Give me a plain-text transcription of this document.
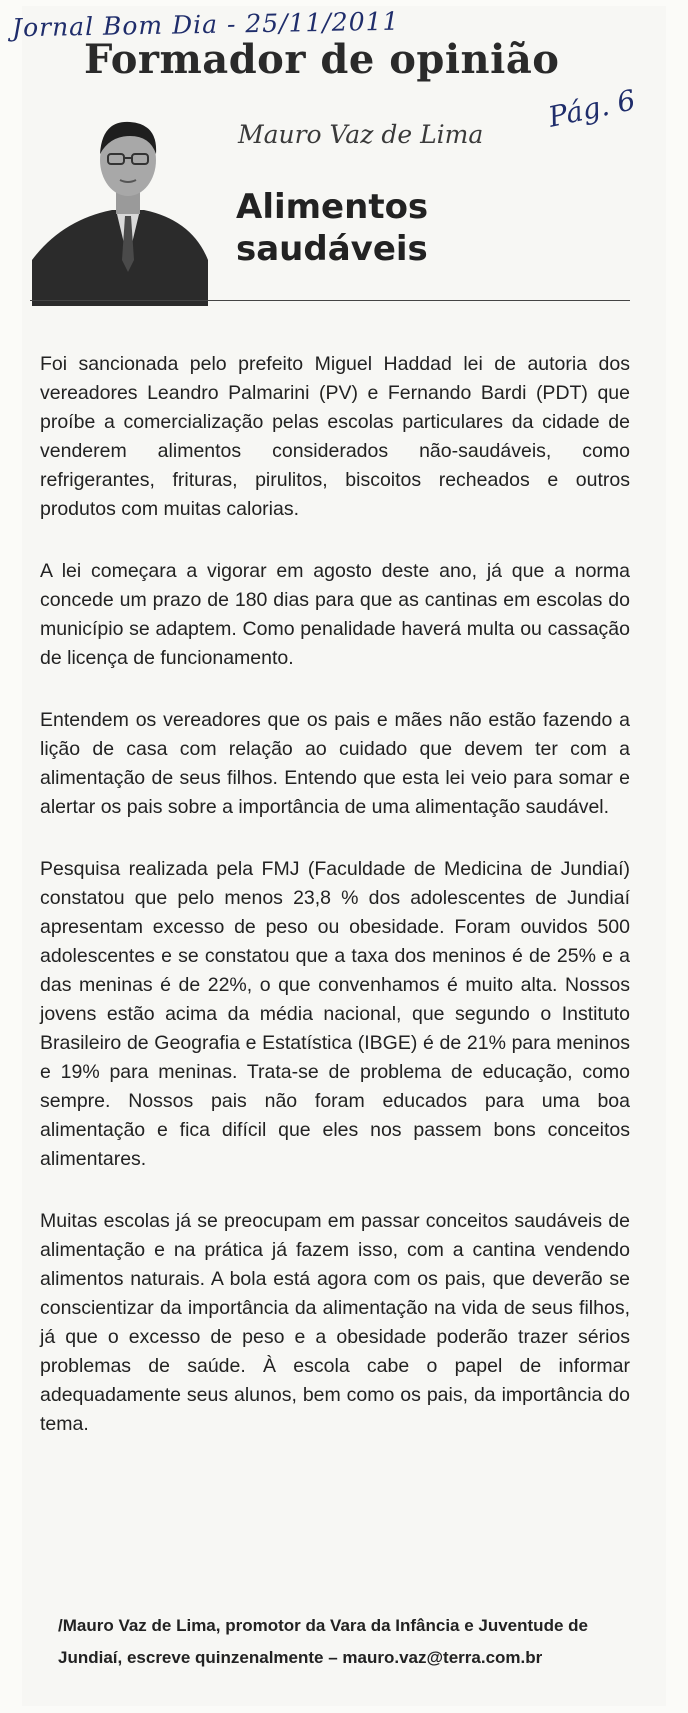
Jornal Bom Dia - 25/11/2011
Formador de opinião
Pág. 6
Mauro Vaz de Lima
Alimentos saudáveis

Foi sancionada pelo prefeito Miguel Haddad lei de autoria dos vereadores Leandro Palmarini (PV) e Fernando Bardi (PDT) que proíbe a comercialização pelas escolas particulares da cidade de venderem alimentos considerados não-saudáveis, como refrigerantes, frituras, pirulitos, biscoitos recheados e outros produtos com muitas calorias.

A lei começara a vigorar em agosto deste ano, já que a norma concede um prazo de 180 dias para que as cantinas em escolas do município se adaptem. Como penalidade haverá multa ou cassação de licença de funcionamento.

Entendem os vereadores que os pais e mães não estão fazendo a lição de casa com relação ao cuidado que devem ter com a alimentação de seus filhos. Entendo que esta lei veio para somar e alertar os pais sobre a importância de uma alimentação saudável.

Pesquisa realizada pela FMJ (Faculdade de Medicina de Jundiaí) constatou que pelo menos 23,8 % dos adolescentes de Jundiaí apresentam excesso de peso ou obesidade. Foram ouvidos 500 adolescentes e se constatou que a taxa dos meninos é de 25% e a das meninas é de 22%, o que convenhamos é muito alta. Nossos jovens estão acima da média nacional, que segundo o Instituto Brasileiro de Geografia e Estatística (IBGE) é de 21% para meninos e 19% para meninas. Trata-se de problema de educação, como sempre. Nossos pais não foram educados para uma boa alimentação e fica difícil que eles nos passem bons conceitos alimentares.

Muitas escolas já se preocupam em passar conceitos saudáveis de alimentação e na prática já fazem isso, com a cantina vendendo alimentos naturais. A bola está agora com os pais, que deverão se conscientizar da importância da alimentação na vida de seus filhos, já que o excesso de peso e a obesidade poderão trazer sérios problemas de saúde. À escola cabe o papel de informar adequadamente seus alunos, bem como os pais, da importância do tema.

/Mauro Vaz de Lima, promotor da Vara da Infância e Juventude de Jundiaí, escreve quinzenalmente – mauro.vaz@terra.com.br
